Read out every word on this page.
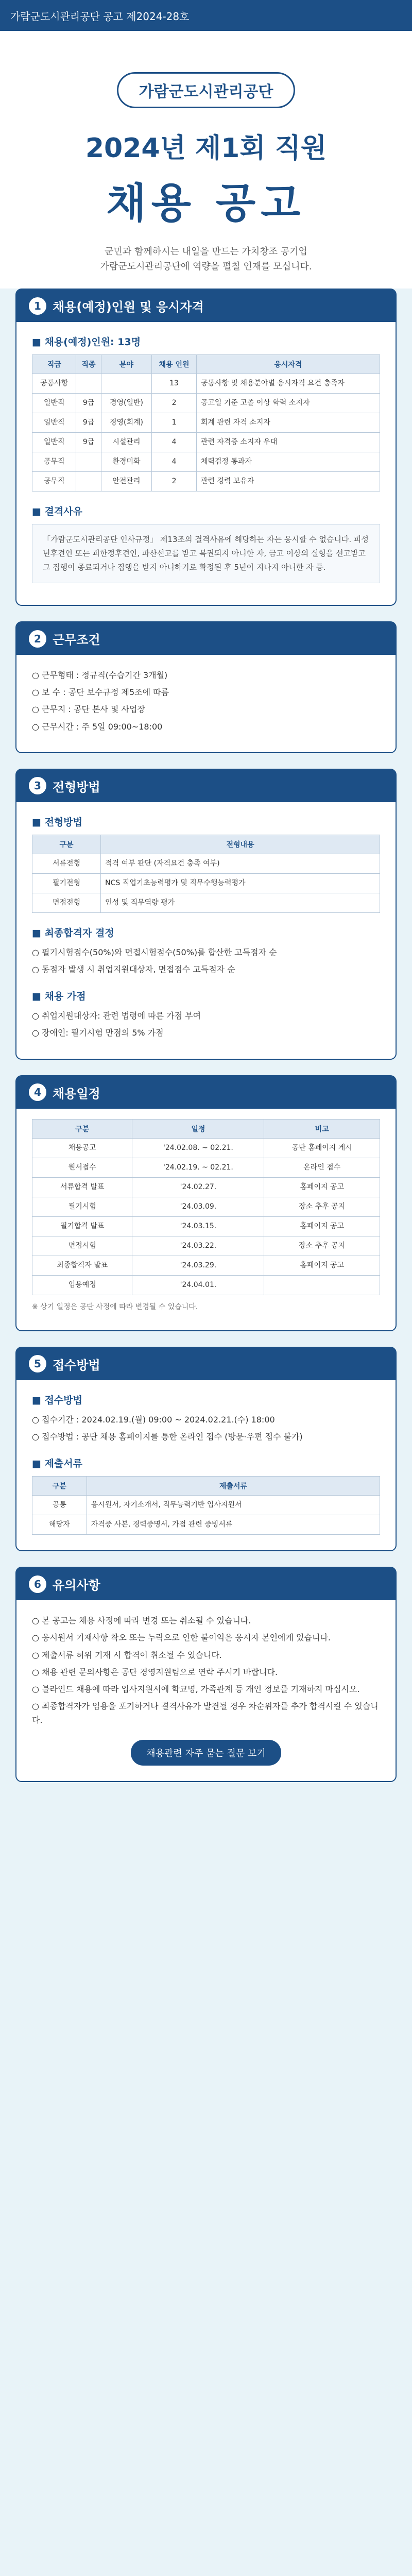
가람군도시관리공단 공고 제2024-28호
가람군도시관리공단
2024년 제1회 직원
채용 공고
군민과 함께하시는 내일을 만드는 가치창조 공기업
가람군도시관리공단에 역량을 펼칠 인재를 모십니다.
1 채용(예정)인원 및 응시자격
■ 채용(예정)인원: 13명
직급	직종	분야	채용 인원	응시자격
공통사항			13	공통사항 및 채용분야별 응시자격 요건 충족자
일반직	9급	경영(일반)	2	공고일 기준 고졸 이상 학력 소지자
일반직	9급	경영(회계)	1	회계 관련 자격 소지자
일반직	9급	시설관리	4	관련 자격증 소지자 우대
공무직		환경미화	4	체력검정 통과자
공무직		안전관리	2	관련 경력 보유자
■ 결격사유
「가람군도시관리공단 인사규정」 제13조의 결격사유에 해당하는 자는 응시할 수 없습니다. 피성년후견인 또는 피한정후견인, 파산선고를 받고 복권되지 아니한 자, 금고 이상의 실형을 선고받고 그 집행이 종료되거나 집행을 받지 아니하기로 확정된 후 5년이 지나지 아니한 자 등.
2 근무조건
○ 근무형태 : 정규직(수습기간 3개월)
○ 보 수 : 공단 보수규정 제5조에 따름
○ 근무지 : 공단 본사 및 사업장
○ 근무시간 : 주 5일 09:00~18:00
3 전형방법
■ 전형방법
구분	전형내용
서류전형	적격 여부 판단 (자격요건 충족 여부)
필기전형	NCS 직업기초능력평가 및 직무수행능력평가
면접전형	인성 및 직무역량 평가
■ 최종합격자 결정
○ 필기시험점수(50%)와 면접시험점수(50%)를 합산한 고득점자 순
○ 동점자 발생 시 취업지원대상자, 면접점수 고득점자 순
■ 채용 가점
○ 취업지원대상자: 관련 법령에 따른 가점 부여
○ 장애인: 필기시험 만점의 5% 가점
4 채용일정
구분	일정	비고
채용공고	'24.02.08. ~ 02.21.	공단 홈페이지 게시
원서접수	'24.02.19. ~ 02.21.	온라인 접수
서류합격 발표	'24.02.27.	홈페이지 공고
필기시험	'24.03.09.	장소 추후 공지
필기합격 발표	'24.03.15.	홈페이지 공고
면접시험	'24.03.22.	장소 추후 공지
최종합격자 발표	'24.03.29.	홈페이지 공고
임용예정	'24.04.01.	
※ 상기 일정은 공단 사정에 따라 변경될 수 있습니다.
5 접수방법
■ 접수방법
○ 접수기간 : 2024.02.19.(월) 09:00 ~ 2024.02.21.(수) 18:00
○ 접수방법 : 공단 채용 홈페이지를 통한 온라인 접수 (방문·우편 접수 불가)
■ 제출서류
구분	제출서류
공통	응시원서, 자기소개서, 직무능력기반 입사지원서
해당자	자격증 사본, 경력증명서, 가점 관련 증빙서류
6 유의사항
○ 본 공고는 채용 사정에 따라 변경 또는 취소될 수 있습니다.
○ 응시원서 기재사항 착오 또는 누락으로 인한 불이익은 응시자 본인에게 있습니다.
○ 제출서류 허위 기재 시 합격이 취소될 수 있습니다.
○ 채용 관련 문의사항은 공단 경영지원팀으로 연락 주시기 바랍니다.
○ 블라인드 채용에 따라 입사지원서에 학교명, 가족관계 등 개인 정보를 기재하지 마십시오.
○ 최종합격자가 임용을 포기하거나 결격사유가 발견될 경우 차순위자를 추가 합격시킬 수 있습니다.
채용관련 자주 묻는 질문 보기
